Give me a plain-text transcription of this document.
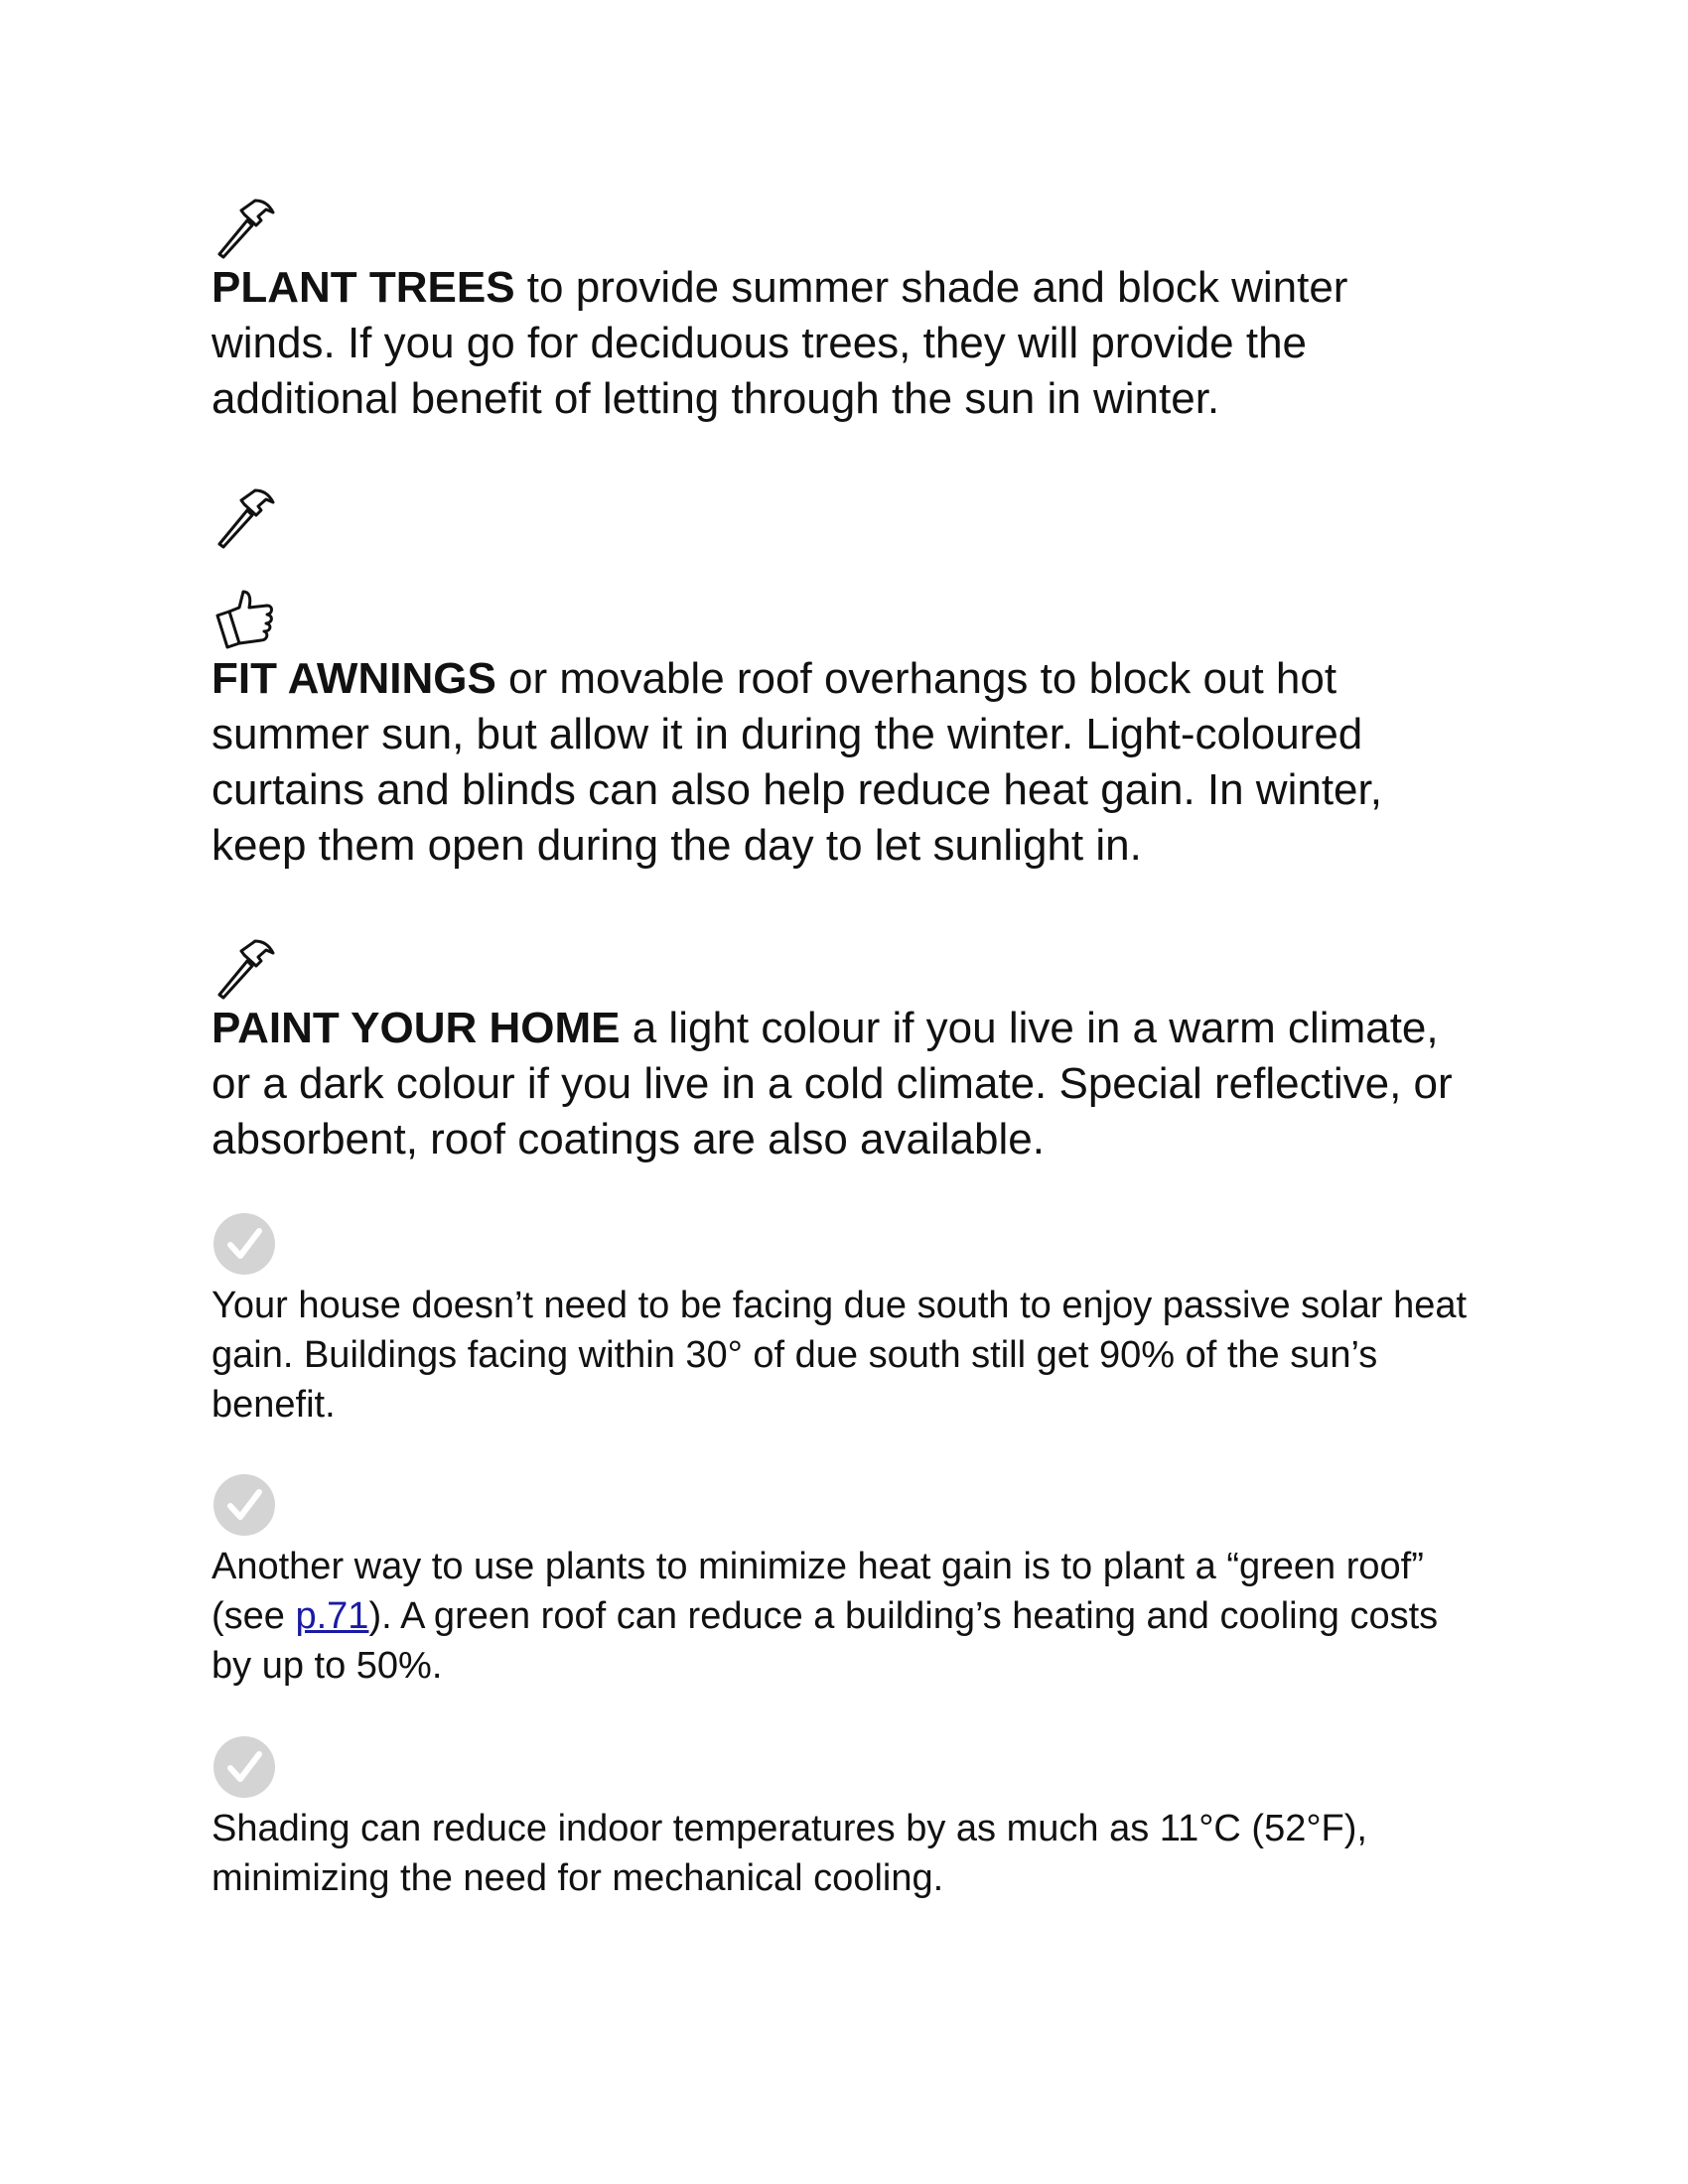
PLANT TREES to provide summer shade and block winter winds. If you go for deciduous trees, they will provide the additional benefit of letting through the sun in winter.

FIT AWNINGS or movable roof overhangs to block out hot summer sun, but allow it in during the winter. Light-coloured curtains and blinds can also help reduce heat gain. In winter, keep them open during the day to let sunlight in.

PAINT YOUR HOME a light colour if you live in a warm climate, or a dark colour if you live in a cold climate. Special reflective, or absorbent, roof coatings are also available.

Your house doesn’t need to be facing due south to enjoy passive solar heat gain. Buildings facing within 30° of due south still get 90% of the sun’s benefit.

Another way to use plants to minimize heat gain is to plant a “green roof” (see p.71). A green roof can reduce a building’s heating and cooling costs by up to 50%.

Shading can reduce indoor temperatures by as much as 11°C (52°F), minimizing the need for mechanical cooling.
